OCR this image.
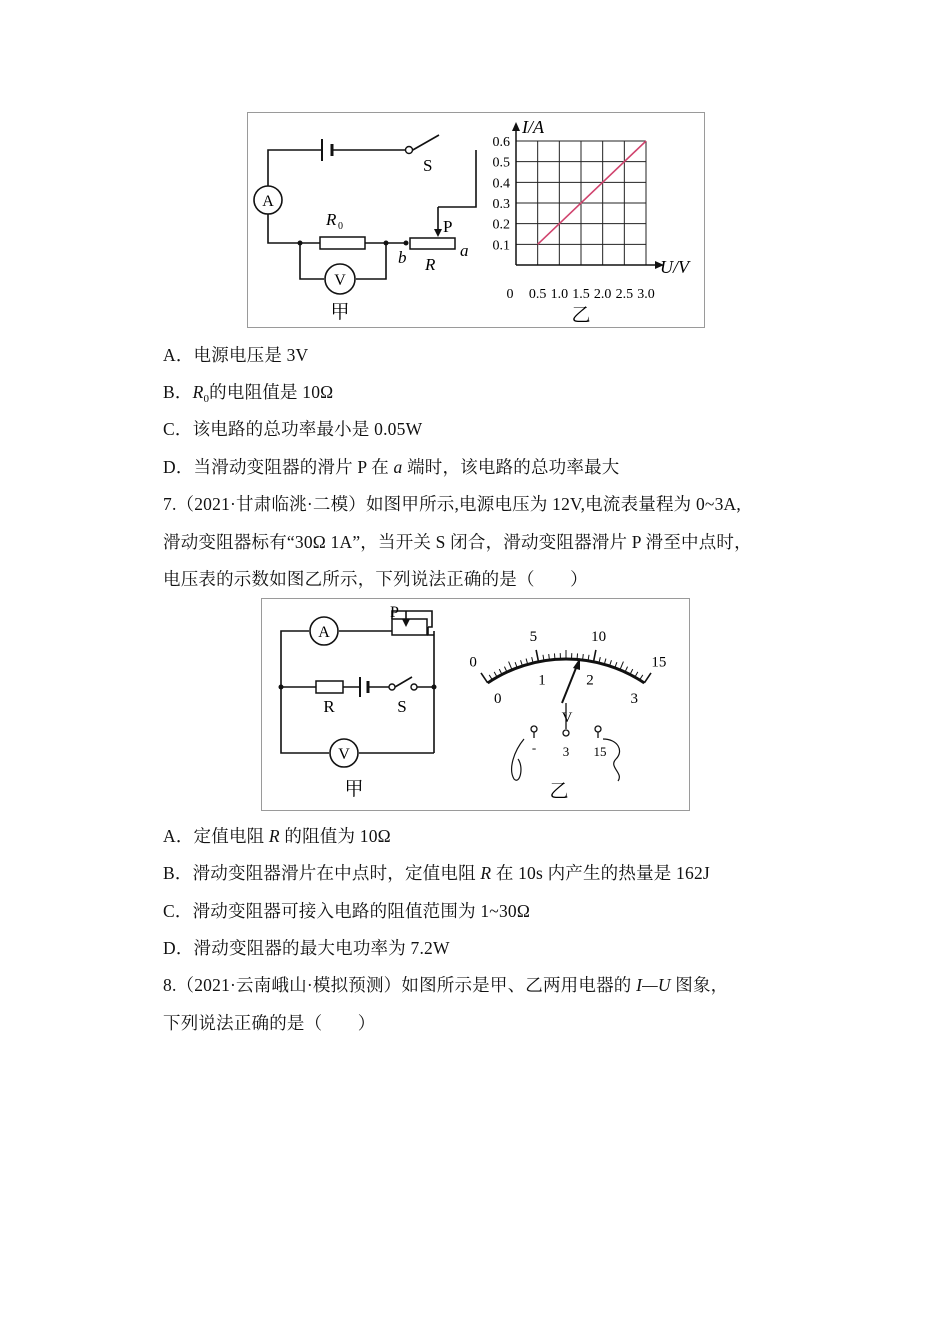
A
S
R 0	P
b R
a
V
甲
0.5 1.0 1.5 2.0 2.5 3.0
0.1
0.2
0.3
0.4
0.5
0.6
I/A
U/V
0
乙
A．电源电压是 3V
B．$R_0$的电阻值是 10Ω
C．该电路的总功率最小是 0.05W
D．当滑动变阻器的滑片 P 在 a 端时，该电路的总功率最大
7.（2021·甘肃临洮·二模）如图甲所示,电源电压为 12V,电流表量程为 0~3A,
滑动变阻器标有“30Ω 1A”，当开关 S 闭合，滑动变阻器滑片 P 滑至中点时，
电压表的示数如图乙所示，下列说法正确的是（　　）
A
P
R	S
V
甲
0
5	10
15
0
1	2
3
V
- 3 15
乙
A．定值电阻 R 的阻值为 10Ω
B．滑动变阻器滑片在中点时，定值电阻 R 在 10s 内产生的热量是 162J
C．滑动变阻器可接入电路的阻值范围为 1~30Ω
D．滑动变阻器的最大电功率为 7.2W
8.（2021·云南峨山·模拟预测）如图所示是甲、乙两用电器的 I—U 图象，
下列说法正确的是（　　）
